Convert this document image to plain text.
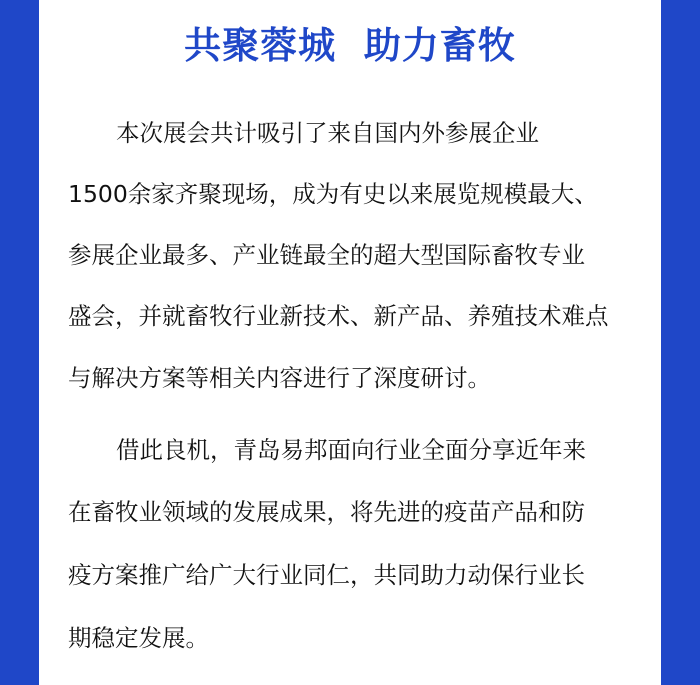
共聚蓉城  助力畜牧
本次展会共计吸引了来自国内外参展企业
1500余家齐聚现场，成为有史以来展览规模最大、
参展企业最多、产业链最全的超大型国际畜牧专业
盛会，并就畜牧行业新技术、新产品、养殖技术难点
与解决方案等相关内容进行了深度研讨。
借此良机，青岛易邦面向行业全面分享近年来
在畜牧业领域的发展成果，将先进的疫苗产品和防
疫方案推广给广大行业同仁，共同助力动保行业长
期稳定发展。
